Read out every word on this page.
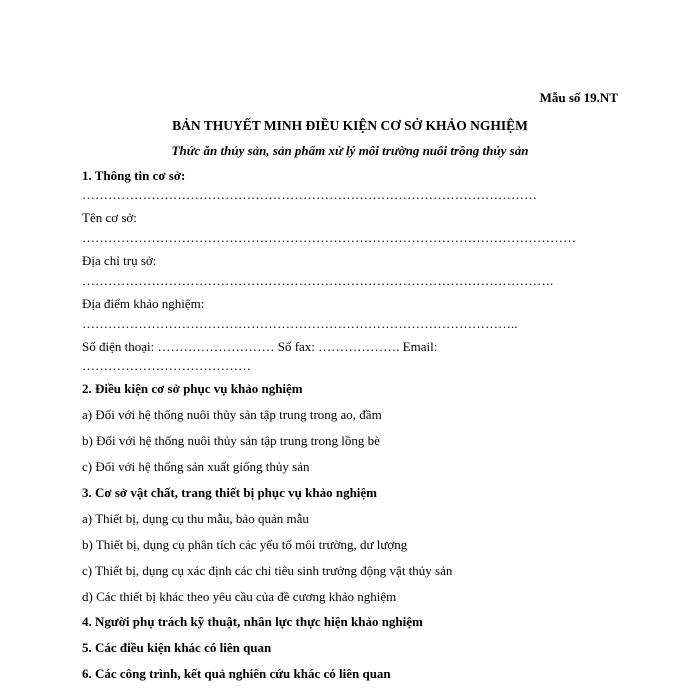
Mẫu số 19.NT
BẢN THUYẾT MINH ĐIỀU KIỆN CƠ SỞ KHẢO NGHIỆM
Thức ăn thủy sản, sản phẩm xử lý môi trường nuôi trồng thủy sản
1. Thông tin cơ sở:
……………………………………………………………………………………………
Tên cơ sở:
……………………………………………………………………………………………………
Địa chỉ trụ sở:
……………………………………………………………………………………………….
Địa điểm khảo nghiệm:
………………………………………………………………………………………..
Số điện thoại: ……………………… Số fax: ………………. Email:
…………………………………
2. Điều kiện cơ sở phục vụ khảo nghiệm
a) Đối với hệ thống nuôi thủy sản tập trung trong ao, đầm
b) Đối với hệ thống nuôi thủy sản tập trung trong lồng bè
c) Đối với hệ thống sản xuất giống thủy sản
3. Cơ sở vật chất, trang thiết bị phục vụ khảo nghiệm
a) Thiết bị, dụng cụ thu mẫu, bảo quản mẫu
b) Thiết bị, dụng cụ phân tích các yếu tố môi trường, dư lượng
c) Thiết bị, dụng cụ xác định các chỉ tiêu sinh trưởng động vật thủy sản
d) Các thiết bị khác theo yêu cầu của đề cương khảo nghiệm
4. Người phụ trách kỹ thuật, nhân lực thực hiện khảo nghiệm
5. Các điều kiện khác có liên quan
6. Các công trình, kết quả nghiên cứu khác có liên quan
